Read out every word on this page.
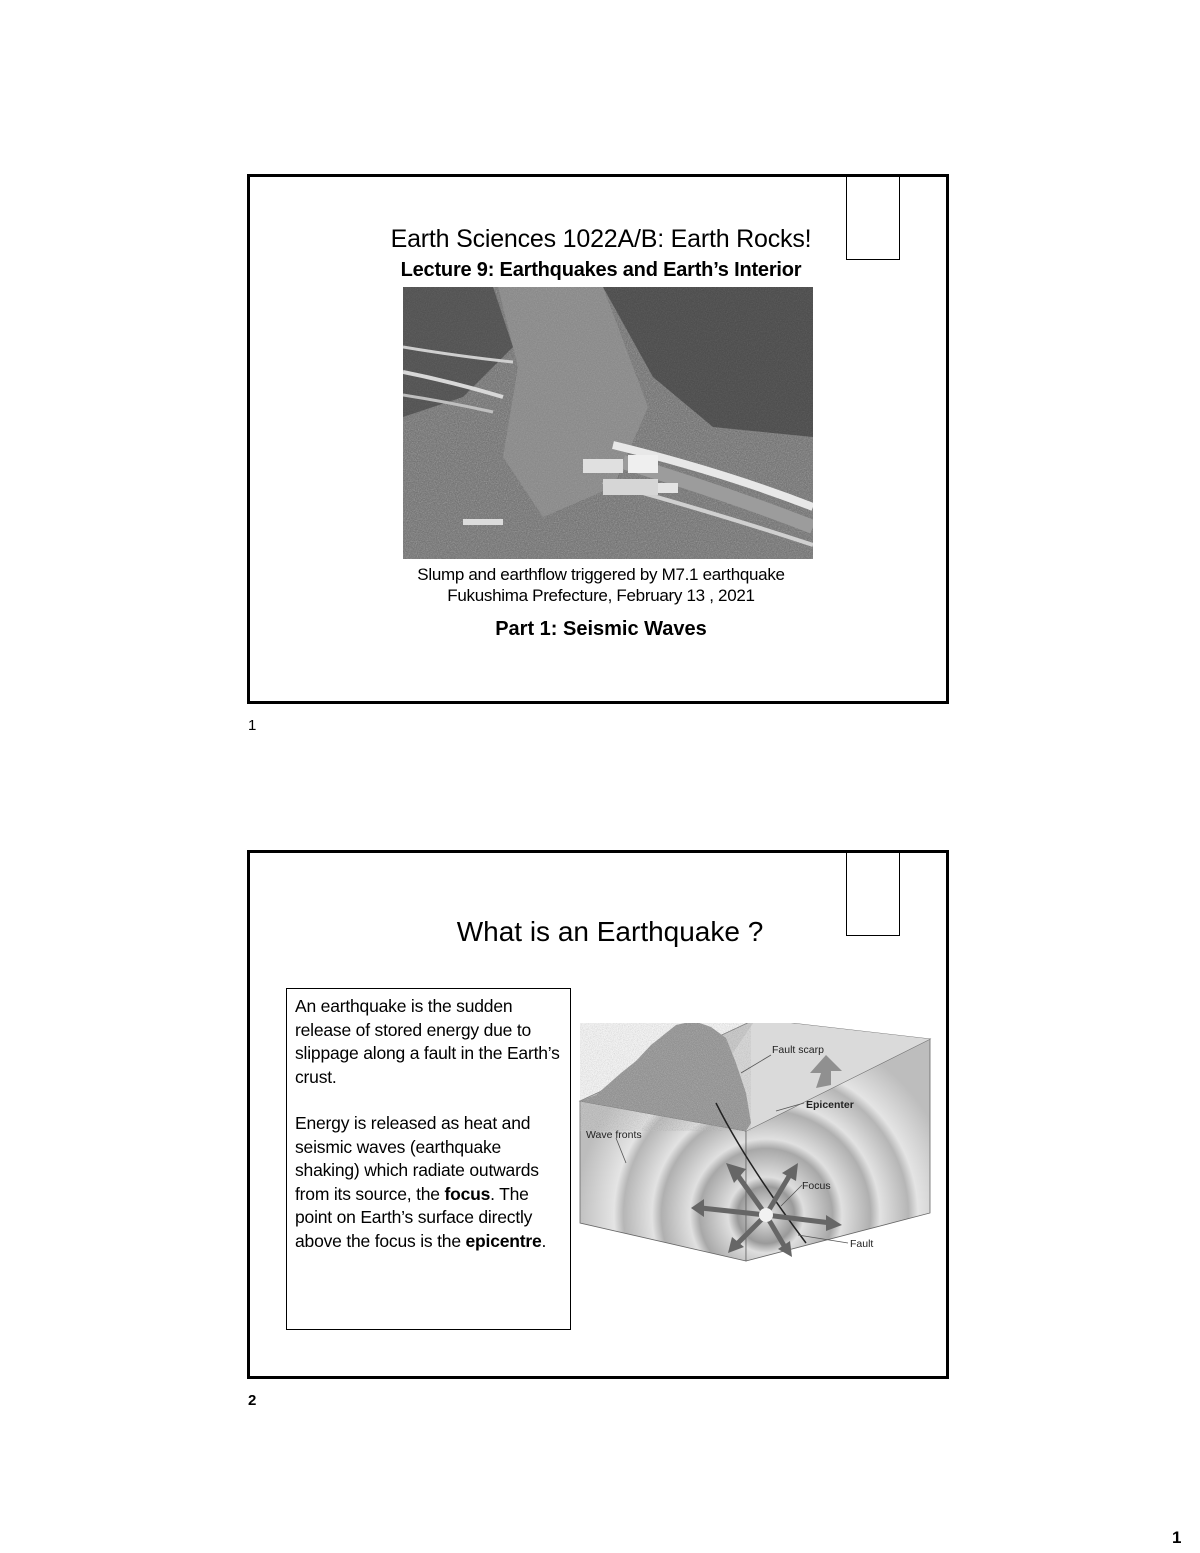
Earth Sciences 1022A/B: Earth Rocks!
Lecture 9: Earthquakes and Earth’s Interior
Slump and earthflow triggered by M7.1 earthquake
Fukushima Prefecture, February 13 , 2021
Part 1: Seismic Waves
1
What is an Earthquake ?

An earthquake is the sudden release of stored energy due to slippage along a fault in the Earth’s crust.

Energy is released as heat and seismic waves (earthquake shaking) which radiate outwards from its source, the focus. The point on Earth’s surface directly above the focus is the epicentre.

Fault scarp
Epicenter
Wave fronts
Focus
Fault
2
1
